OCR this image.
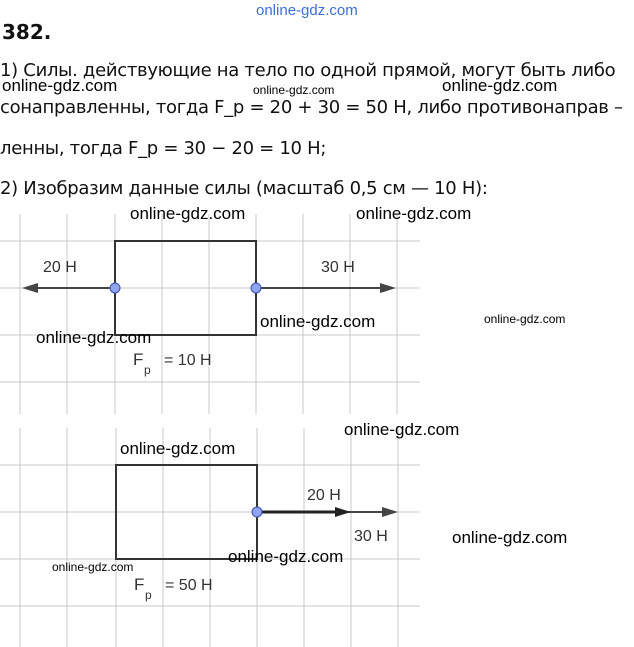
online-gdz.com
382.
1) Силы. действующие на тело по одной прямой, могут быть либо
сонаправленны, тогда F_р = 20 + 30 = 50 Н, либо противонаправ –
ленны, тогда F_р = 30 − 20 = 10 Н;
2) Изобразим данные силы (масштаб 0,5 см — 10 Н):
20 Н	30 Н
F
р
= 10 Н
20 Н
30 Н
F
р
= 50 Н
online-gdz.com	online-gdz.com	online-gdz.com
online-gdz.com	online-gdz.com
online-gdz.com	online-gdz.com
online-gdz.com
online-gdz.com
online-gdz.com
online-gdz.com
online-gdz.com
online-gdz.com
